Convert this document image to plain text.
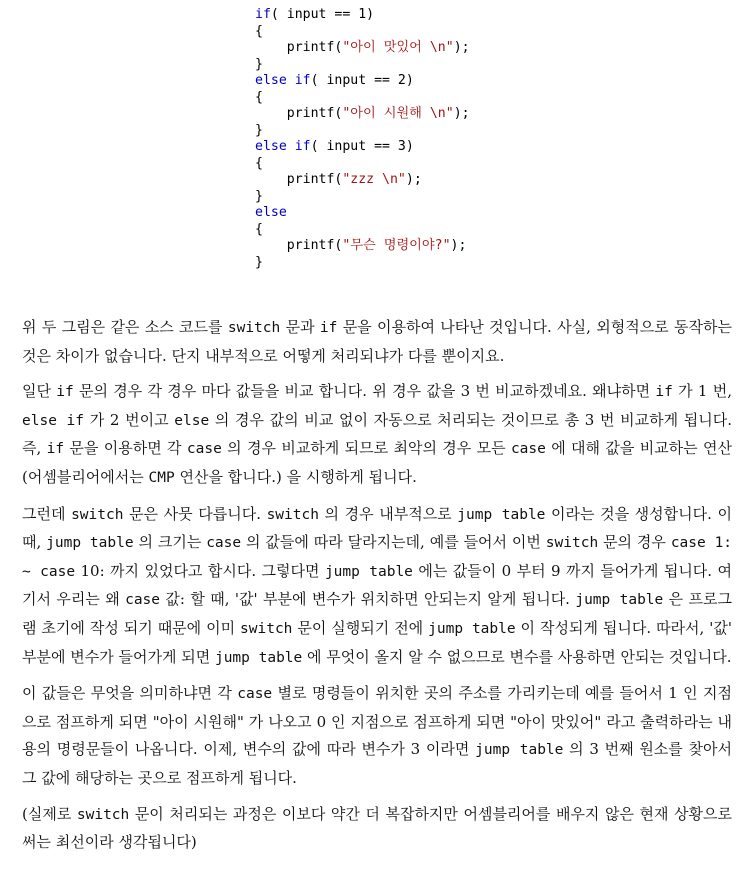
if( input == 1)
{
printf("아이 맛있어 \n");
}
else if( input == 2)
{
printf("아이 시원해 \n");
}
else if( input == 3)
{
printf("zzz \n");
}
else
{
printf("무슨 명령이야?");
}

위 두 그림은 같은 소스 코드를 switch 문과 if 문을 이용하여 나타난 것입니다. 사실, 외형적으로 동작하는 것은 차이가 없습니다. 단지 내부적으로 어떻게 처리되냐가 다를 뿐이지요.

일단 if 문의 경우 각 경우 마다 값들을 비교 합니다. 위 경우 값을 3 번 비교하겠네요. 왜냐하면 if 가 1 번, else if 가 2 번이고 else 의 경우 값의 비교 없이 자동으로 처리되는 것이므로 총 3 번 비교하게 됩니다. 즉, if 문을 이용하면 각 case 의 경우 비교하게 되므로 최악의 경우 모든 case 에 대해 값을 비교하는 연산 (어셈블리어에서는 CMP 연산을 합니다.) 을 시행하게 됩니다.

그런데 switch 문은 사뭇 다릅니다. switch 의 경우 내부적으로 jump table 이라는 것을 생성합니다. 이 때, jump table 의 크기는 case 의 값들에 따라 달라지는데, 예를 들어서 이번 switch 문의 경우 case 1: ~ case 10: 까지 있었다고 합시다. 그렇다면 jump table 에는 값들이 0 부터 9 까지 들어가게 됩니다. 여기서 우리는 왜 case 값: 할 때, '값' 부분에 변수가 위치하면 안되는지 알게 됩니다. jump table 은 프로그램 초기에 작성 되기 때문에 이미 switch 문이 실행되기 전에 jump table 이 작성되게 됩니다. 따라서, '값' 부분에 변수가 들어가게 되면 jump table 에 무엇이 올지 알 수 없으므로 변수를 사용하면 안되는 것입니다.

이 값들은 무엇을 의미하냐면 각 case 별로 명령들이 위치한 곳의 주소를 가리키는데 예를 들어서 1 인 지점으로 점프하게 되면 "아이 시원해" 가 나오고 0 인 지점으로 점프하게 되면 "아이 맛있어" 라고 출력하라는 내용의 명령문들이 나옵니다. 이제, 변수의 값에 따라 변수가 3 이라면 jump table 의 3 번째 원소를 찾아서 그 값에 해당하는 곳으로 점프하게 됩니다.

(실제로 switch 문이 처리되는 과정은 이보다 약간 더 복잡하지만 어셈블리어를 배우지 않은 현재 상황으로써는 최선이라 생각됩니다)
